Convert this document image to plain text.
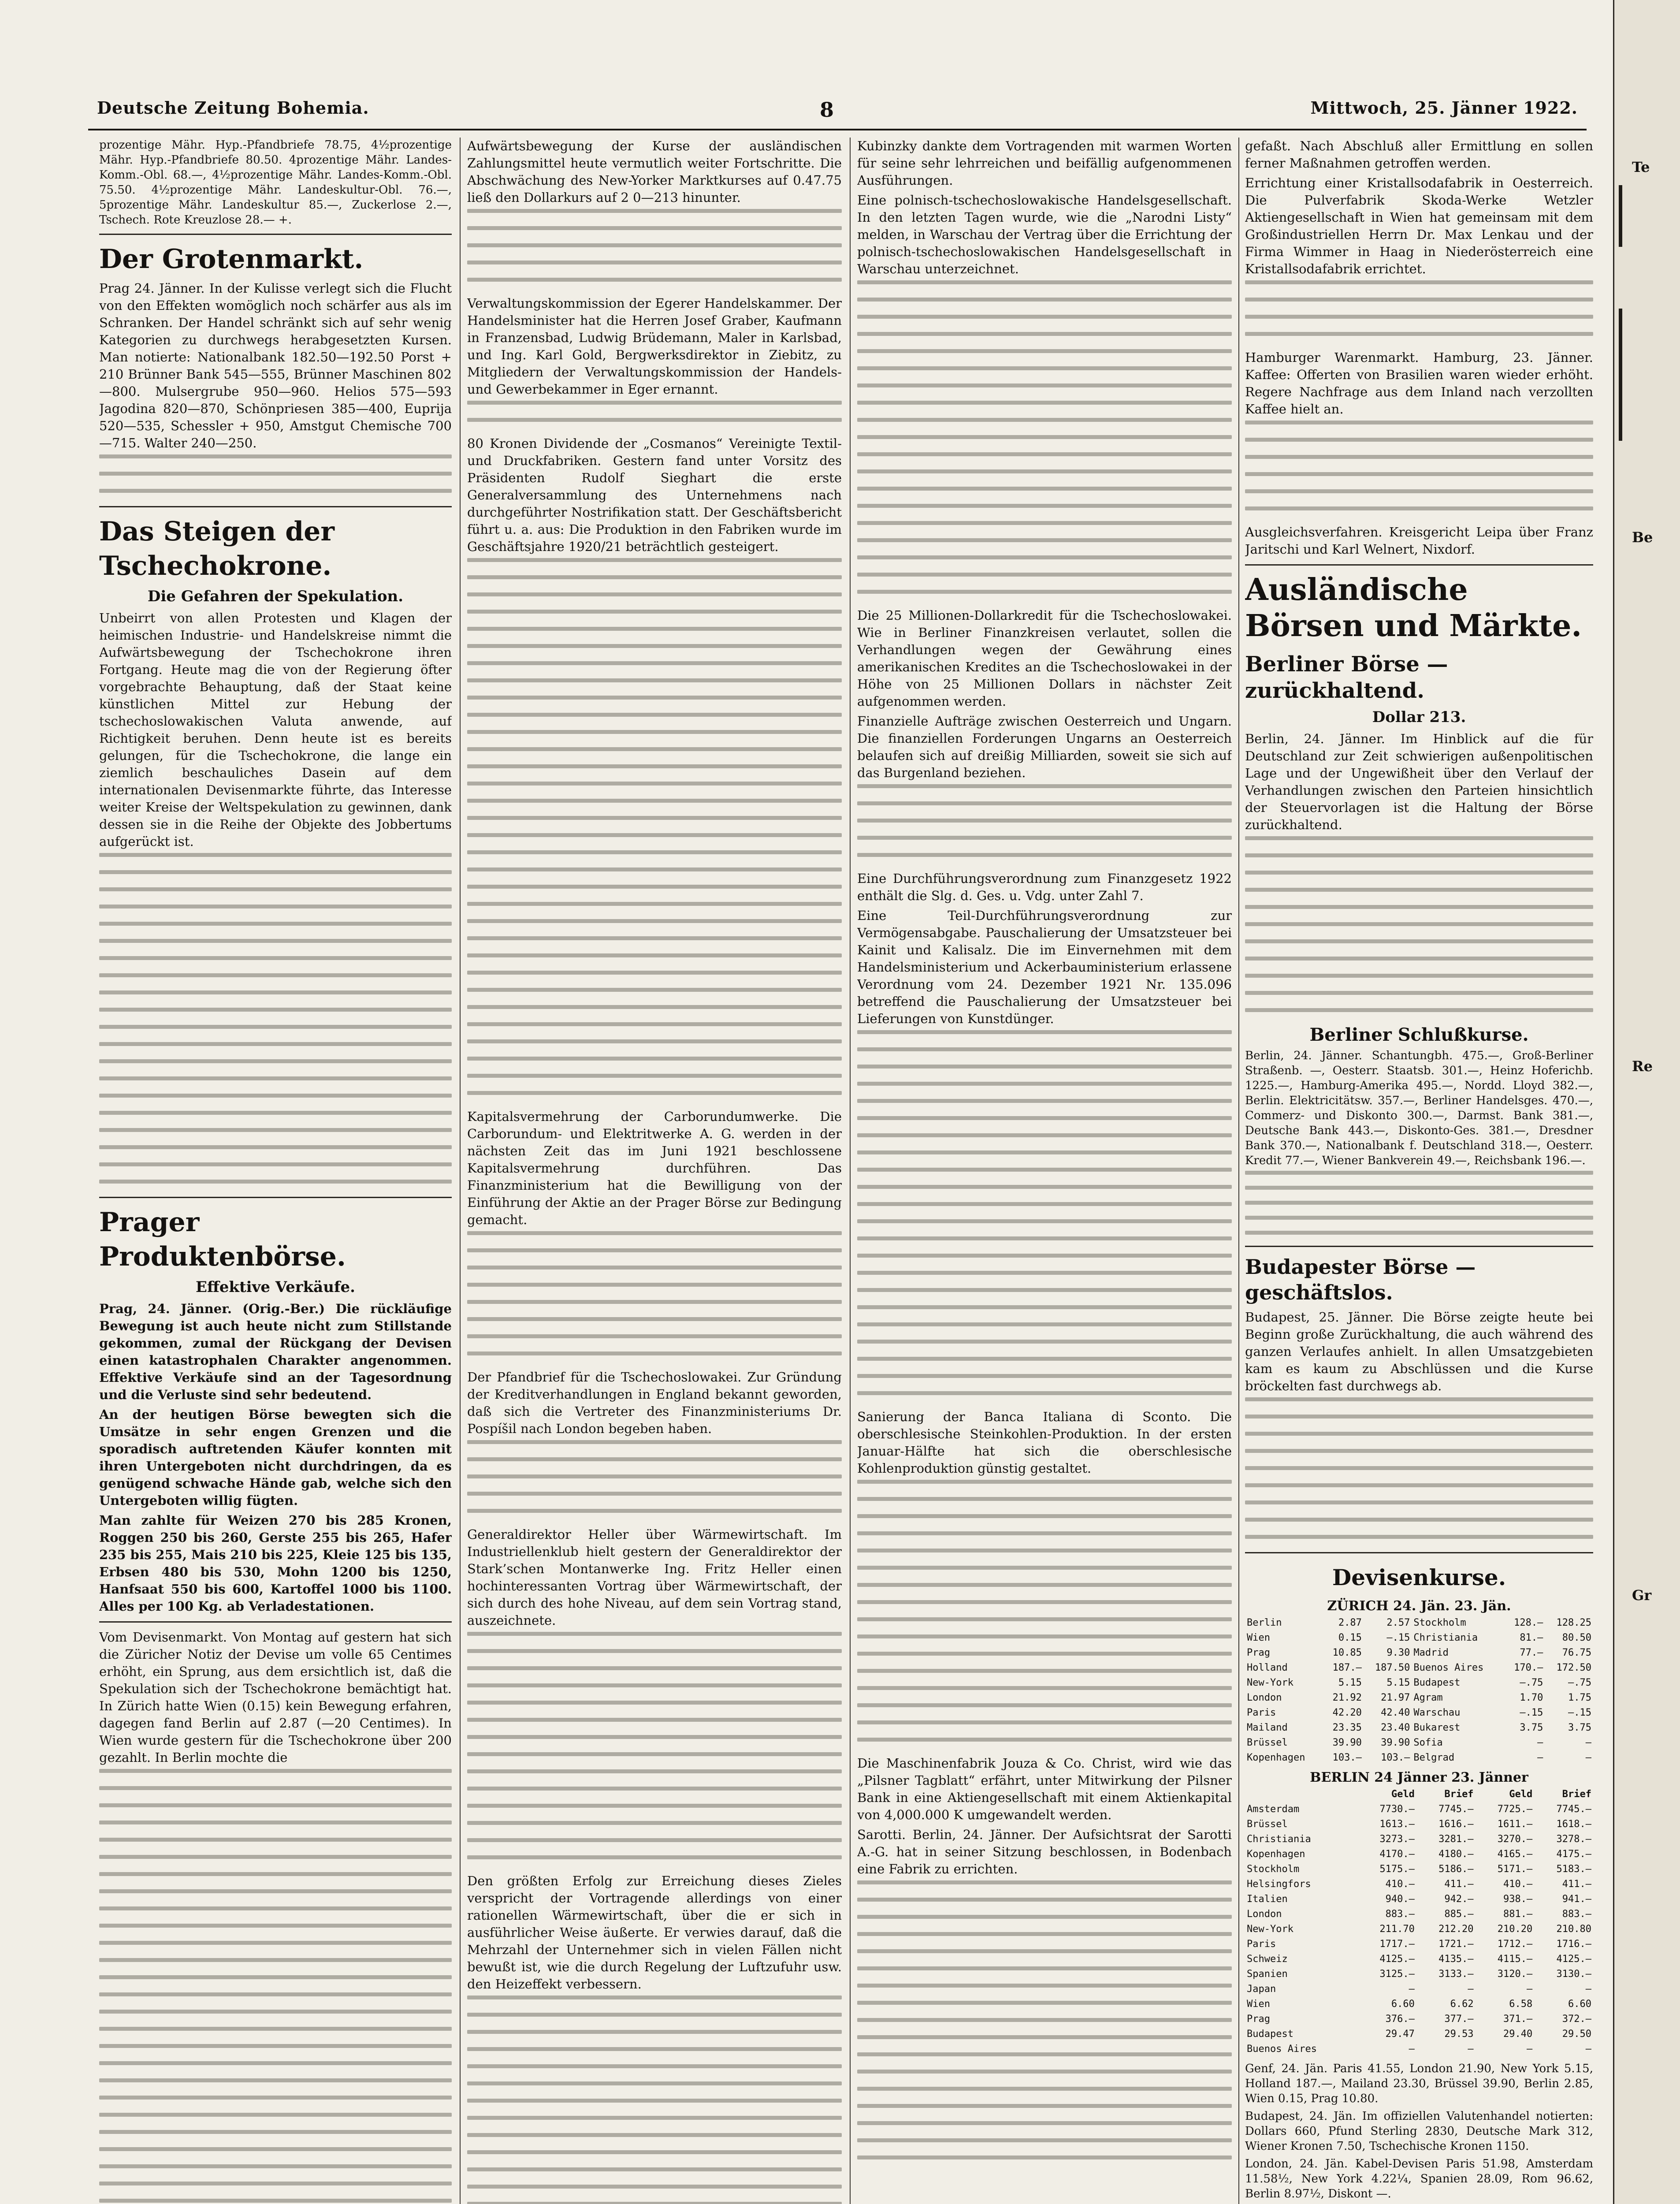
Deutsche Zeitung Bohemia.	8	Mittwoch, 25. Jänner 1922.

prozentige Mähr. Hyp.-Pfandbriefe 78.75, 4½prozentige Mähr. Hyp.-Pfandbriefe 80.50. 4prozentige Mähr. Landes-Komm.-Obl. 68.—, 4½prozentige Mähr. Landes-Komm.-Obl. 75.50. 4½prozentige Mähr. Landeskultur-Obl. 76.—, 5prozentige Mähr. Landeskultur 85.—, Zuckerlose 2.—, Tschech. Rote Kreuzlose 28.— +.

Der Grotenmarkt.

Prag 24. Jänner. In der Kulisse verlegt sich die Flucht von den Effekten womöglich noch schärfer aus als im Schranken. Der Handel schränkt sich auf sehr wenig Kategorien zu durchwegs herabgesetzten Kursen. Man notierte: Nationalbank 182.50—192.50 Porst + 210 Brünner Bank 545—555, Brünner Maschinen 802—800. Mulsergrube 950—960. Helios 575—593 Jagodina 820—870, Schönpriesen 385—400, Euprija 520—535, Schessler + 950, Amstgut Chemische 700—715. Walter 240—250.

Das Steigen der Tschechokrone.
Die Gefahren der Spekulation.

Unbeirrt von allen Protesten und Klagen der heimischen Industrie- und Handelskreise nimmt die Aufwärtsbewegung der Tschechokrone ihren Fortgang. Heute mag die von der Regierung öfter vorgebrachte Behauptung, daß der Staat keine künstlichen Mittel zur Hebung der tschechoslowakischen Valuta anwende, auf Richtigkeit beruhen. Denn heute ist es bereits gelungen, für die Tschechokrone, die lange ein ziemlich beschauliches Dasein auf dem internationalen Devisenmarkte führte, das Interesse weiter Kreise der Weltspekulation zu gewinnen, dank dessen sie in die Reihe der Objekte des Jobbertums aufgerückt ist.

Prager Produktenbörse.
Effektive Verkäufe.

Prag, 24. Jänner. (Orig.-Ber.) Die rückläufige Bewegung ist auch heute nicht zum Stillstande gekommen, zumal der Rückgang der Devisen einen katastrophalen Charakter angenommen. Effektive Verkäufe sind an der Tagesordnung und die Verluste sind sehr bedeutend.

An der heutigen Börse bewegten sich die Umsätze in sehr engen Grenzen und die sporadisch auftretenden Käufer konnten mit ihren Untergeboten nicht durchdringen, da es genügend schwache Hände gab, welche sich den Untergeboten willig fügten.

Man zahlte für Weizen 270 bis 285 Kronen, Roggen 250 bis 260, Gerste 255 bis 265, Hafer 235 bis 255, Mais 210 bis 225, Kleie 125 bis 135, Erbsen 480 bis 530, Mohn 1200 bis 1250, Hanfsaat 550 bis 600, Kartoffel 1000 bis 1100. Alles per 100 Kg. ab Verladestationen.

Vom Devisenmarkt. Von Montag auf gestern hat sich die Züricher Notiz der Devise um volle 65 Centimes erhöht, ein Sprung, aus dem ersichtlich ist, daß die Spekulation sich der Tschechokrone bemächtigt hat. In Zürich hatte Wien (0.15) kein Bewegung erfahren, dagegen fand Berlin auf 2.87 (—20 Centimes). In Wien wurde gestern für die Tschechokrone über 200 gezahlt. In Berlin mochte die

Aufwärtsbewegung der Kurse der ausländischen Zahlungsmittel heute vermutlich weiter Fortschritte. Die Abschwächung des New-Yorker Marktkurses auf 0.47.75 ließ den Dollarkurs auf 2 0—213 hinunter.

Verwaltungskommission der Egerer Handelskammer. Der Handelsminister hat die Herren Josef Graber, Kaufmann in Franzensbad, Ludwig Brüdemann, Maler in Karlsbad, und Ing. Karl Gold, Bergwerksdirektor in Ziebitz, zu Mitgliedern der Verwaltungskommission der Handels- und Gewerbekammer in Eger ernannt.

80 Kronen Dividende der „Cosmanos“ Vereinigte Textil- und Druckfabriken. Gestern fand unter Vorsitz des Präsidenten Rudolf Sieghart die erste Generalversammlung des Unternehmens nach durchgeführter Nostrifikation statt. Der Geschäftsbericht führt u. a. aus: Die Produktion in den Fabriken wurde im Geschäftsjahre 1920/21 beträchtlich gesteigert.

Kapitalsvermehrung der Carborundumwerke. Die Carborundum- und Elektritwerke A. G. werden in der nächsten Zeit das im Juni 1921 beschlossene Kapitalsvermehrung durchführen. Das Finanzministerium hat die Bewilligung von der Einführung der Aktie an der Prager Börse zur Bedingung gemacht.

Der Pfandbrief für die Tschechoslowakei. Zur Gründung der Kreditverhandlungen in England bekannt geworden, daß sich die Vertreter des Finanzministeriums Dr. Pospíšil nach London begeben haben.

Generaldirektor Heller über Wärmewirtschaft. Im Industriellenklub hielt gestern der Generaldirektor der Stark’schen Montanwerke Ing. Fritz Heller einen hochinteressanten Vortrag über Wärmewirtschaft, der sich durch des hohe Niveau, auf dem sein Vortrag stand, auszeichnete.

Den größten Erfolg zur Erreichung dieses Zieles verspricht der Vortragende allerdings von einer rationellen Wärmewirtschaft, über die er sich in ausführlicher Weise äußerte. Er verwies darauf, daß die Mehrzahl der Unternehmer sich in vielen Fällen nicht bewußt ist, wie die durch Regelung der Luftzufuhr usw. den Heizeffekt verbessern.

Kubinzky dankte dem Vortragenden mit warmen Worten für seine sehr lehrreichen und beifällig aufgenommenen Ausführungen.

Eine polnisch-tschechoslowakische Handelsgesellschaft. In den letzten Tagen wurde, wie die „Narodni Listy“ melden, in Warschau der Vertrag über die Errichtung der polnisch-tschechoslowakischen Handelsgesellschaft in Warschau unterzeichnet.

Die 25 Millionen-Dollarkredit für die Tschechoslowakei. Wie in Berliner Finanzkreisen verlautet, sollen die Verhandlungen wegen der Gewährung eines amerikanischen Kredites an die Tschechoslowakei in der Höhe von 25 Millionen Dollars in nächster Zeit aufgenommen werden.

Finanzielle Aufträge zwischen Oesterreich und Ungarn. Die finanziellen Forderungen Ungarns an Oesterreich belaufen sich auf dreißig Milliarden, soweit sie sich auf das Burgenland beziehen.

Eine Durchführungsverordnung zum Finanzgesetz 1922 enthält die Slg. d. Ges. u. Vdg. unter Zahl 7.

Eine Teil-Durchführungsverordnung zur Vermögensabgabe. Pauschalierung der Umsatzsteuer bei Kainit und Kalisalz. Die im Einvernehmen mit dem Handelsministerium und Ackerbauministerium erlassene Verordnung vom 24. Dezember 1921 Nr. 135.096 betreffend die Pauschalierung der Umsatzsteuer bei Lieferungen von Kunstdünger.

Sanierung der Banca Italiana di Sconto. Die oberschlesische Steinkohlen-Produktion. In der ersten Januar-Hälfte hat sich die oberschlesische Kohlenproduktion günstig gestaltet.

Die Maschinenfabrik Jouza & Co. Christ, wird wie das „Pilsner Tagblatt“ erfährt, unter Mitwirkung der Pilsner Bank in eine Aktiengesellschaft mit einem Aktienkapital von 4,000.000 K umgewandelt werden.

Sarotti. Berlin, 24. Jänner. Der Aufsichtsrat der Sarotti A.-G. hat in seiner Sitzung beschlossen, in Bodenbach eine Fabrik zu errichten.

gefaßt. Nach Abschluß aller Ermittlung en sollen ferner Maßnahmen getroffen werden.

Errichtung einer Kristallsodafabrik in Oesterreich. Die Pulverfabrik Skoda-Werke Wetzler Aktiengesellschaft in Wien hat gemeinsam mit dem Großindustriellen Herrn Dr. Max Lenkau und der Firma Wimmer in Haag in Niederösterreich eine Kristallsodafabrik errichtet.

Hamburger Warenmarkt. Hamburg, 23. Jänner. Kaffee: Offerten von Brasilien waren wieder erhöht. Regere Nachfrage aus dem Inland nach verzollten Kaffee hielt an.

Ausgleichsverfahren. Kreisgericht Leipa über Franz Jaritschi und Karl Welnert, Nixdorf.

Ausländische Börsen und Märkte.
Berliner Börse — zurückhaltend.
Dollar 213.

Berlin, 24. Jänner. Im Hinblick auf die für Deutschland zur Zeit schwierigen außenpolitischen Lage und der Ungewißheit über den Verlauf der Verhandlungen zwischen den Parteien hinsichtlich der Steuervorlagen ist die Haltung der Börse zurückhaltend.

Berliner Schlußkurse.

Berlin, 24. Jänner. Schantungbh. 475.—, Groß-Berliner Straßenb. —, Oesterr. Staatsb. 301.—, Heinz Hoferichb. 1225.—, Hamburg-Amerika 495.—, Nordd. Lloyd 382.—, Berlin. Elektricitätsw. 357.—, Berliner Handelsges. 470.—, Commerz- und Diskonto 300.—, Darmst. Bank 381.—, Deutsche Bank 443.—, Diskonto-Ges. 381.—, Dresdner Bank 370.—, Nationalbank f. Deutschland 318.—, Oesterr. Kredit 77.—, Wiener Bankverein 49.—, Reichsbank 196.—.

Budapester Börse — geschäftslos.

Budapest, 25. Jänner. Die Börse zeigte heute bei Beginn große Zurückhaltung, die auch während des ganzen Verlaufes anhielt. In allen Umsatzgebieten kam es kaum zu Abschlüssen und die Kurse bröckelten fast durchwegs ab.

Devisenkurse.
ZÜRICH 24. Jän. 23. Jän.
Berlin	2.87	2.57	Stockholm	128.—	128.25
Wien	0.15	—.15	Christiania	81.—	80.50
Prag	10.85	9.30	Madrid	77.—	76.75
Holland	187.—	187.50	Buenos Aires	170.—	172.50
New-York	5.15	5.15	Budapest	—.75	—.75
London	21.92	21.97	Agram	1.70	1.75
Paris	42.20	42.40	Warschau	—.15	—.15
Mailand	23.35	23.40	Bukarest	3.75	3.75
Brüssel	39.90	39.90	Sofia	—	—
Kopenhagen	103.—	103.—	Belgrad	—	—
BERLIN 24 Jänner 23. Jänner
	Geld	Brief	Geld	Brief
Amsterdam	7730.—	7745.—	7725.—	7745.—
Brüssel	1613.—	1616.—	1611.—	1618.—
Christiania	3273.—	3281.—	3270.—	3278.—
Kopenhagen	4170.—	4180.—	4165.—	4175.—
Stockholm	5175.—	5186.—	5171.—	5183.—
Helsingfors	410.—	411.—	410.—	411.—
Italien	940.—	942.—	938.—	941.—
London	883.—	885.—	881.—	883.—
New-York	211.70	212.20	210.20	210.80
Paris	1717.—	1721.—	1712.—	1716.—
Schweiz	4125.—	4135.—	4115.—	4125.—
Spanien	3125.—	3133.—	3120.—	3130.—
Japan	—	—	—	—
Wien	6.60	6.62	6.58	6.60
Prag	376.—	377.—	371.—	372.—
Budapest	29.47	29.53	29.40	29.50
Buenos Aires	—	—	—	—

Genf, 24. Jän. Paris 41.55, London 21.90, New York 5.15, Holland 187.—, Mailand 23.30, Brüssel 39.90, Berlin 2.85, Wien 0.15, Prag 10.80.

Budapest, 24. Jän. Im offiziellen Valutenhandel notierten: Dollars 660, Pfund Sterling 2830, Deutsche Mark 312, Wiener Kronen 7.50, Tschechische Kronen 1150.

London, 24. Jän. Kabel-Devisen Paris 51.98, Amsterdam 11.58½, New York 4.22¼, Spanien 28.09, Rom 96.62, Berlin 8.97½, Diskont —.

Te
Be
Re
Gr
